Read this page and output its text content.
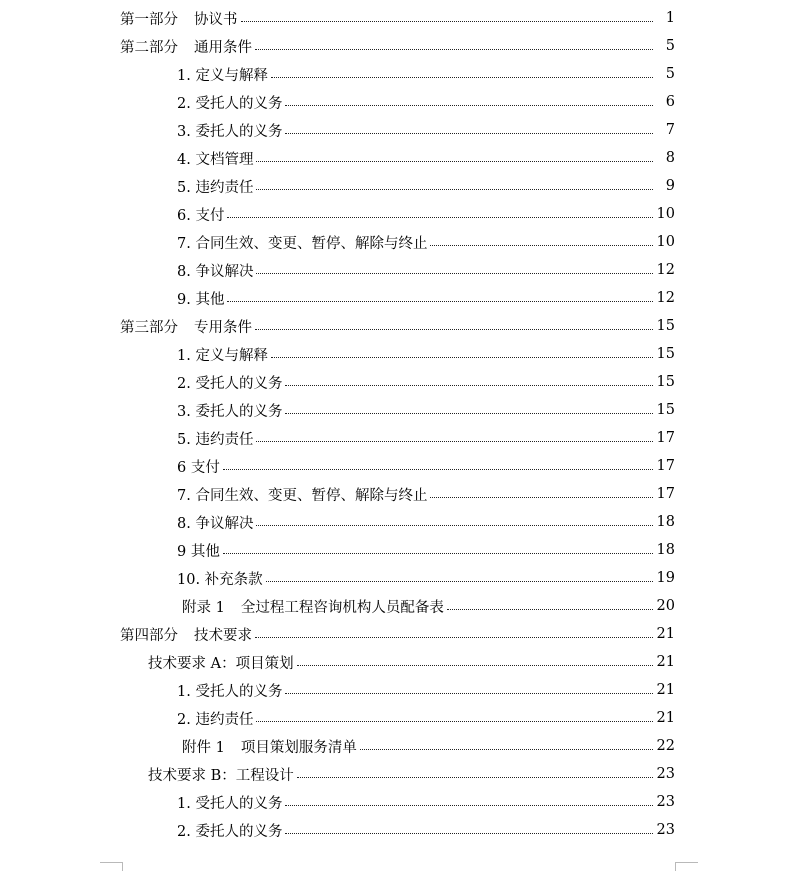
第一部分 协议书	1
第二部分 通用条件	5
1. 定义与解释	5
2. 受托人的义务	6
3. 委托人的义务	7
4. 文档管理	8
5. 违约责任	9
6. 支付	10
7. 合同生效、变更、暂停、解除与终止	10
8. 争议解决	12
9. 其他	12
第三部分 专用条件	15
1. 定义与解释	15
2. 受托人的义务	15
3. 委托人的义务	15
5. 违约责任	17
6 支付	17
7. 合同生效、变更、暂停、解除与终止	17
8. 争议解决	18
9 其他	18
10. 补充条款	19
附录 1 全过程工程咨询机构人员配备表	20
第四部分 技术要求	21
技术要求 A：项目策划	21
1. 受托人的义务	21
2. 违约责任	21
附件 1 项目策划服务清单	22
技术要求 B：工程设计	23
1. 受托人的义务	23
2. 委托人的义务	23
